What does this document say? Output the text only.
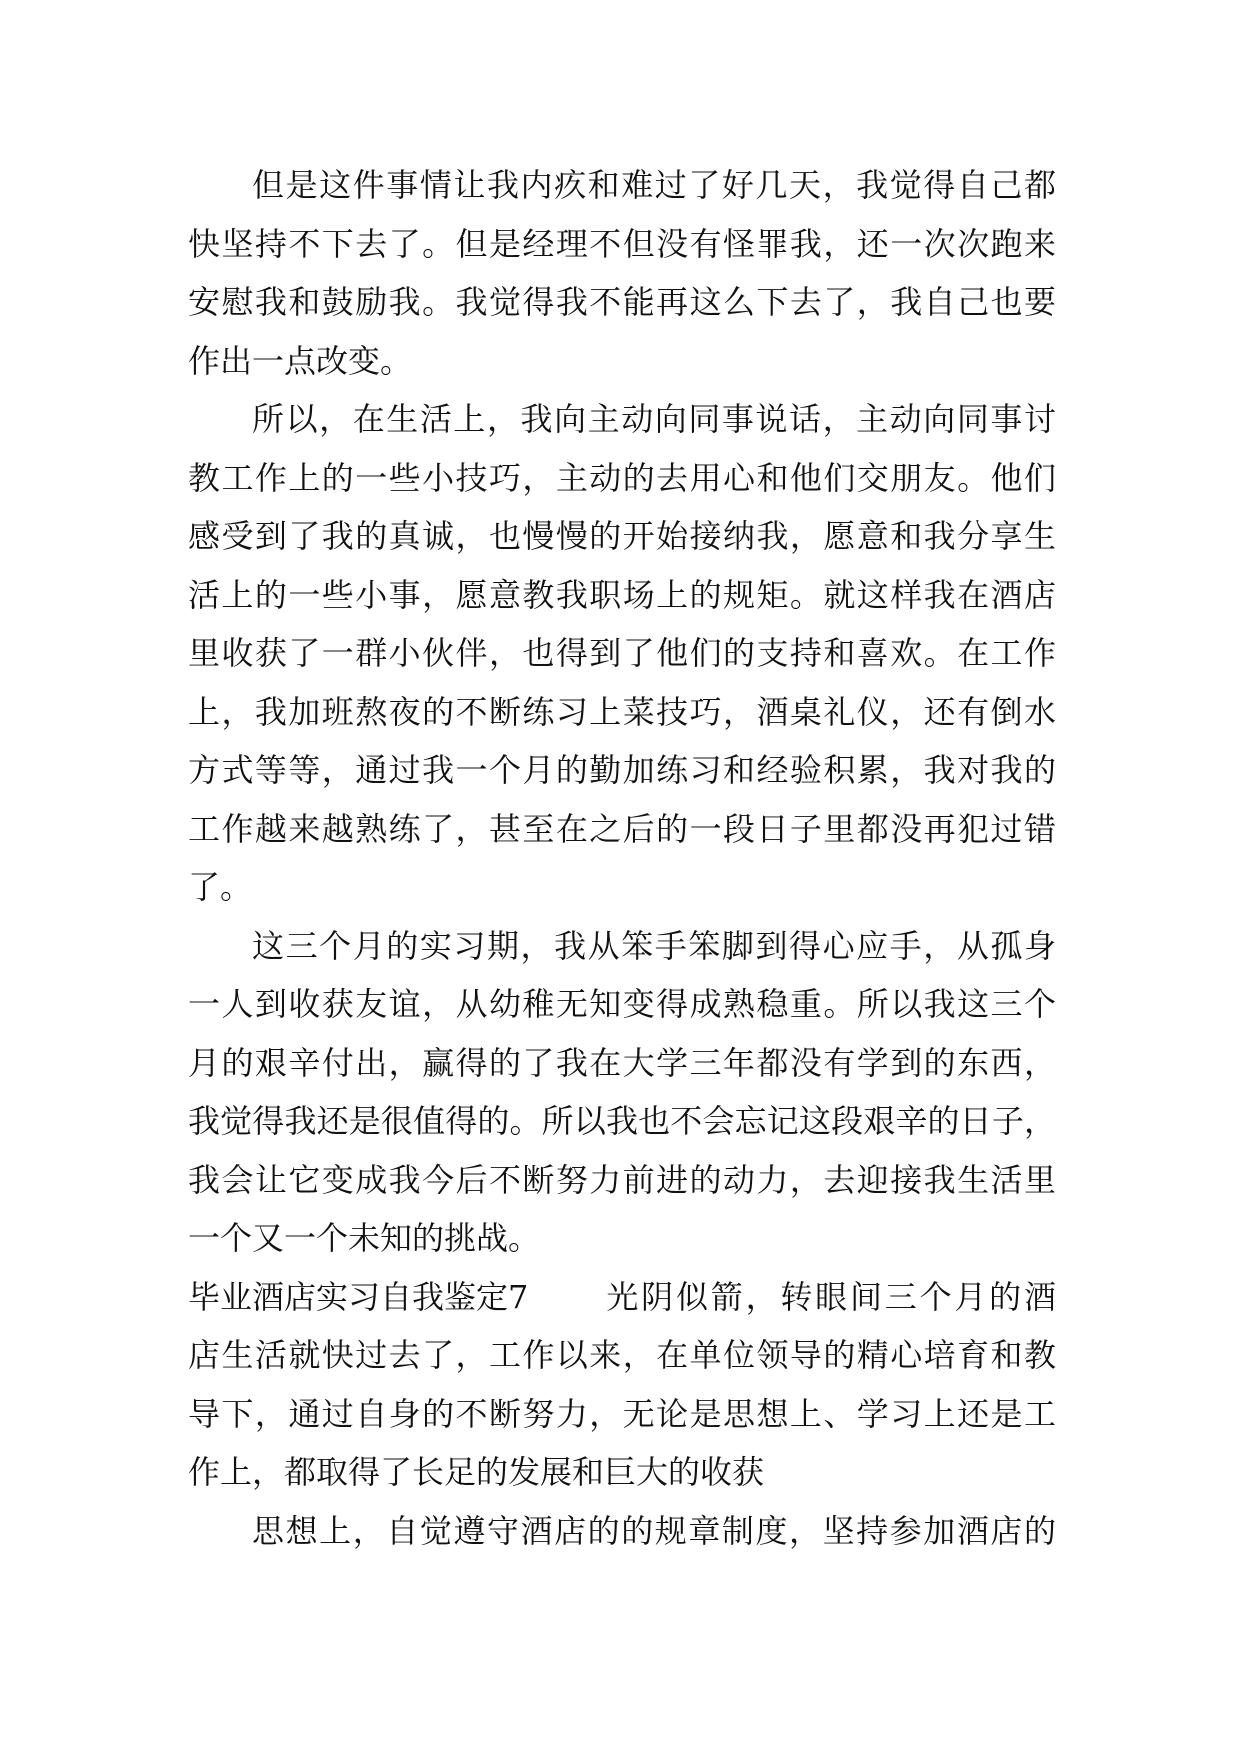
但是这件事情让我内疚和难过了好几天，我觉得自己都
快坚持不下去了。但是经理不但没有怪罪我，还一次次跑来
安慰我和鼓励我。我觉得我不能再这么下去了，我自己也要
作出一点改变。
所以，在生活上，我向主动向同事说话，主动向同事讨
教工作上的一些小技巧，主动的去用心和他们交朋友。他们
感受到了我的真诚，也慢慢的开始接纳我，愿意和我分享生
活上的一些小事，愿意教我职场上的规矩。就这样我在酒店
里收获了一群小伙伴，也得到了他们的支持和喜欢。在工作
上，我加班熬夜的不断练习上菜技巧，酒桌礼仪，还有倒水
方式等等，通过我一个月的勤加练习和经验积累，我对我的
工作越来越熟练了，甚至在之后的一段日子里都没再犯过错
了。
这三个月的实习期，我从笨手笨脚到得心应手，从孤身
一人到收获友谊，从幼稚无知变得成熟稳重。所以我这三个
月的艰辛付出，赢得的了我在大学三年都没有学到的东西，
我觉得我还是很值得的。所以我也不会忘记这段艰辛的日子，
我会让它变成我今后不断努力前进的动力，去迎接我生活里
一个又一个未知的挑战。
毕业酒店实习自我鉴定7 光阴似箭，转眼间三个月的酒
店生活就快过去了，工作以来，在单位领导的精心培育和教
导下，通过自身的不断努力，无论是思想上、学习上还是工
作上，都取得了长足的发展和巨大的收获
思想上，自觉遵守酒店的的规章制度，坚持参加酒店的
